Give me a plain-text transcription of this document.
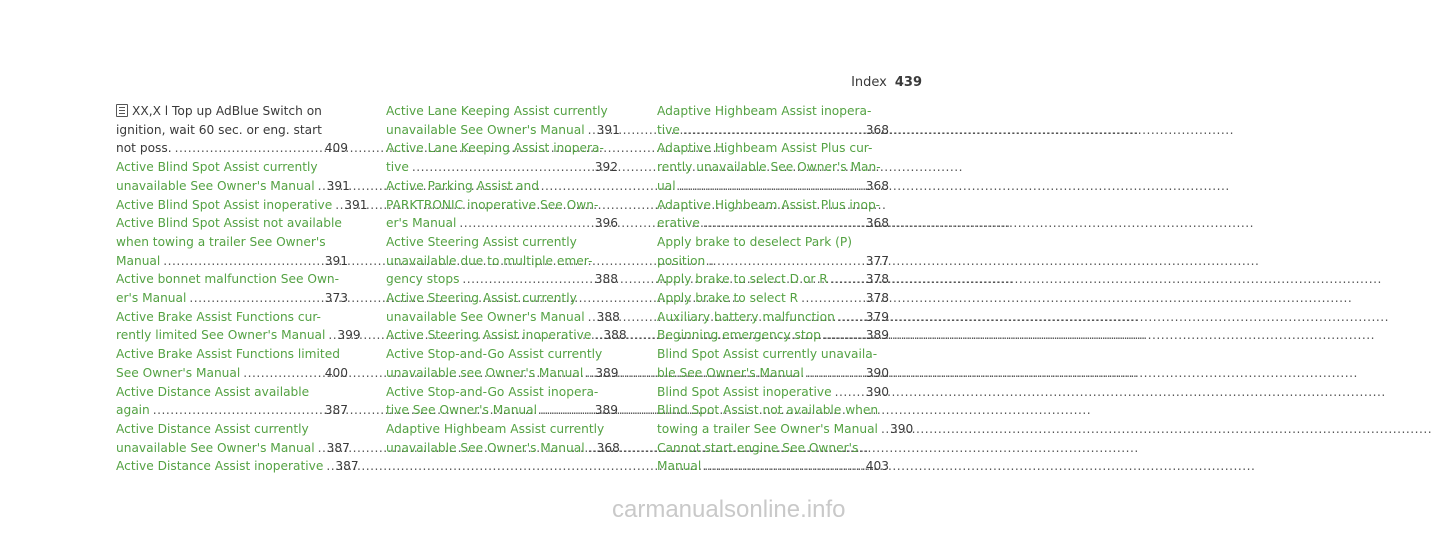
Index 439
XX,X l Top up AdBlue Switch on
ignition, wait 60 sec. or eng. start
not poss. .....	409
Active Blind Spot Assist currently
unavailable See Owner's Manual ..... 391
Active Blind Spot Assist inoperative ..... 391
Active Blind Spot Assist not available
when towing a trailer See Owner's
Manual .....	391
Active bonnet malfunction See Own-
er's Manual .....	373
Active Brake Assist Functions cur-
rently limited See Owner's Manual ..... 399
Active Brake Assist Functions limited
See Owner's Manual .....	400
Active Distance Assist available
again .....	387
Active Distance Assist currently
unavailable See Owner's Manual ..... 387
Active Distance Assist inoperative ..... 387
Active Lane Keeping Assist currently
unavailable See Owner's Manual ..... 391
Active Lane Keeping Assist inopera-
tive .....	392
Active Parking Assist and
PARKTRONIC inoperative See Own-
er's Manual .....	396
Active Steering Assist currently
unavailable due to multiple emer-
gency stops .....	388
Active Steering Assist currently
unavailable See Owner's Manual ..... 388
Active Steering Assist inoperative ..... 388
Active Stop-and-Go Assist currently
unavailable see Owner's Manual ..... 389
Active Stop-and-Go Assist inopera-
tive See Owner's Manual .....	389
Adaptive Highbeam Assist currently
unavailable See Owner's Manual ..... 368
Adaptive Highbeam Assist inopera-
tive .....	368
Adaptive Highbeam Assist Plus cur-
rently unavailable See Owner's Man-
ual .....	368
Adaptive Highbeam Assist Plus inop-
erative .....	368
Apply brake to deselect Park (P)
position .....	377
Apply brake to select D or R .....	378
Apply brake to select R .....	378
Auxiliary battery malfunction .....	379
Beginning emergency stop .....	389
Blind Spot Assist currently unavaila-
ble See Owner's Manual .....	390
Blind Spot Assist inoperative .....	390
Blind Spot Assist not available when
towing a trailer See Owner's Manual ..... 390
Cannot start engine See Owner's
Manual .....	403
carmanualsonline.info
